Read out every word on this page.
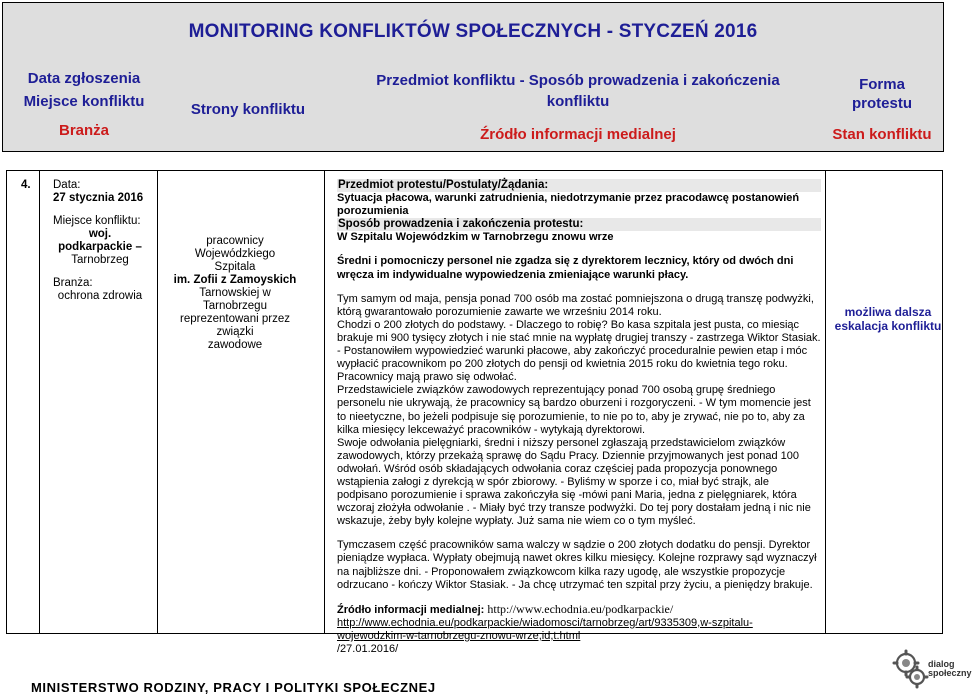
MONITORING KONFLIKTÓW SPOŁECZNYCH - STYCZEŃ 2016
Data zgłoszenia
Miejsce konfliktu
Branża
Strony konfliktu
Przedmiot konfliktu - Sposób prowadzenia i zakończenia
konfliktu
Źródło informacji medialnej
Forma
protestu
Stan konfliktu
4. Data:
27 stycznia 2016
Miejsce konfliktu:
woj. podkarpackie –
Tarnobrzeg
Branża:
ochrona zdrowia
pracownicy Wojewódzkiego
Szpitala
im. Zofii z Zamoyskich
Tarnowskiej w Tarnobrzegu
reprezentowani przez związki
zawodowe
Przedmiot protestu/Postulaty/Żądania:

Sytuacja płacowa, warunki zatrudnienia, niedotrzymanie przez pracodawcę postanowień porozumienia

Sposób prowadzenia i zakończenia protestu:

W Szpitalu Wojewódzkim w Tarnobrzegu znowu wrze

Średni i pomocniczy personel nie zgadza się z dyrektorem lecznicy, który od dwóch dni wręcza im indywidualne wypowiedzenia zmieniające warunki płacy.

Tym samym od maja, pensja ponad 700 osób ma zostać pomniejszona o drugą transzę podwyżki, którą gwarantowało porozumienie zawarte we wrześniu 2014 roku.

Chodzi o 200 złotych do podstawy. - Dlaczego to robię? Bo kasa szpitala jest pusta, co miesiąc brakuje mi 900 tysięcy złotych i nie stać mnie na wypłatę drugiej transzy - zastrzega Wiktor Stasiak. - Postanowiłem wypowiedzieć warunki płacowe, aby zakończyć proceduralnie pewien etap i móc wypłacić pracownikom po 200 złotych do pensji od kwietnia 2015 roku do kwietnia tego roku. Pracownicy mają prawo się odwołać.

Przedstawiciele związków zawodowych reprezentujący ponad 700 osobą grupę średniego personelu nie ukrywają, że pracownicy są bardzo oburzeni i rozgoryczeni. - W tym momencie jest to nieetyczne, bo jeżeli podpisuje się porozumienie, to nie po to, aby je zrywać, nie po to, aby za kilka miesięcy lekceważyć pracowników - wytykają dyrektorowi.

Swoje odwołania pielęgniarki, średni i niższy personel zgłaszają przedstawicielom związków zawodowych, którzy przekażą sprawę do Sądu Pracy. Dziennie przyjmowanych jest ponad 100 odwołań. Wśród osób składających odwołania coraz częściej pada propozycja ponownego wstąpienia załogi z dyrekcją w spór zbiorowy. - Byliśmy w sporze i co, miał być strajk, ale podpisano porozumienie i sprawa zakończyła się -mówi pani Maria, jedna z pielęgniarek, która wczoraj złożyła odwołanie . - Miały być trzy transze podwyżki. Do tej pory dostałam jedną i nic nie wskazuje, żeby były kolejne wypłaty. Już sama nie wiem co o tym myśleć.

Tymczasem część pracowników sama walczy w sądzie o 200 złotych dodatku do pensji. Dyrektor pieniądze wypłaca. Wypłaty obejmują nawet okres kilku miesięcy. Kolejne rozprawy sąd wyznaczył na najbliższe dni. - Proponowałem związkowcom kilka razy ugodę, ale wszystkie propozycje odrzucano - kończy Wiktor Stasiak. - Ja chcę utrzymać ten szpital przy życiu, a pieniędzy brakuje.

Źródło informacji medialnej: http://www.echodnia.eu/podkarpackie/

http://www.echodnia.eu/podkarpackie/wiadomosci/tarnobrzeg/art/9335309,w-szpitalu-wojewodzkim-w-tarnobrzegu-znowu-wrze,id,t.html

/27.01.2016/

możliwa dalsza eskalacja konfliktu
MINISTERSTWO RODZINY, PRACY I POLITYKI SPOŁECZNEJ
dialog
społeczny
